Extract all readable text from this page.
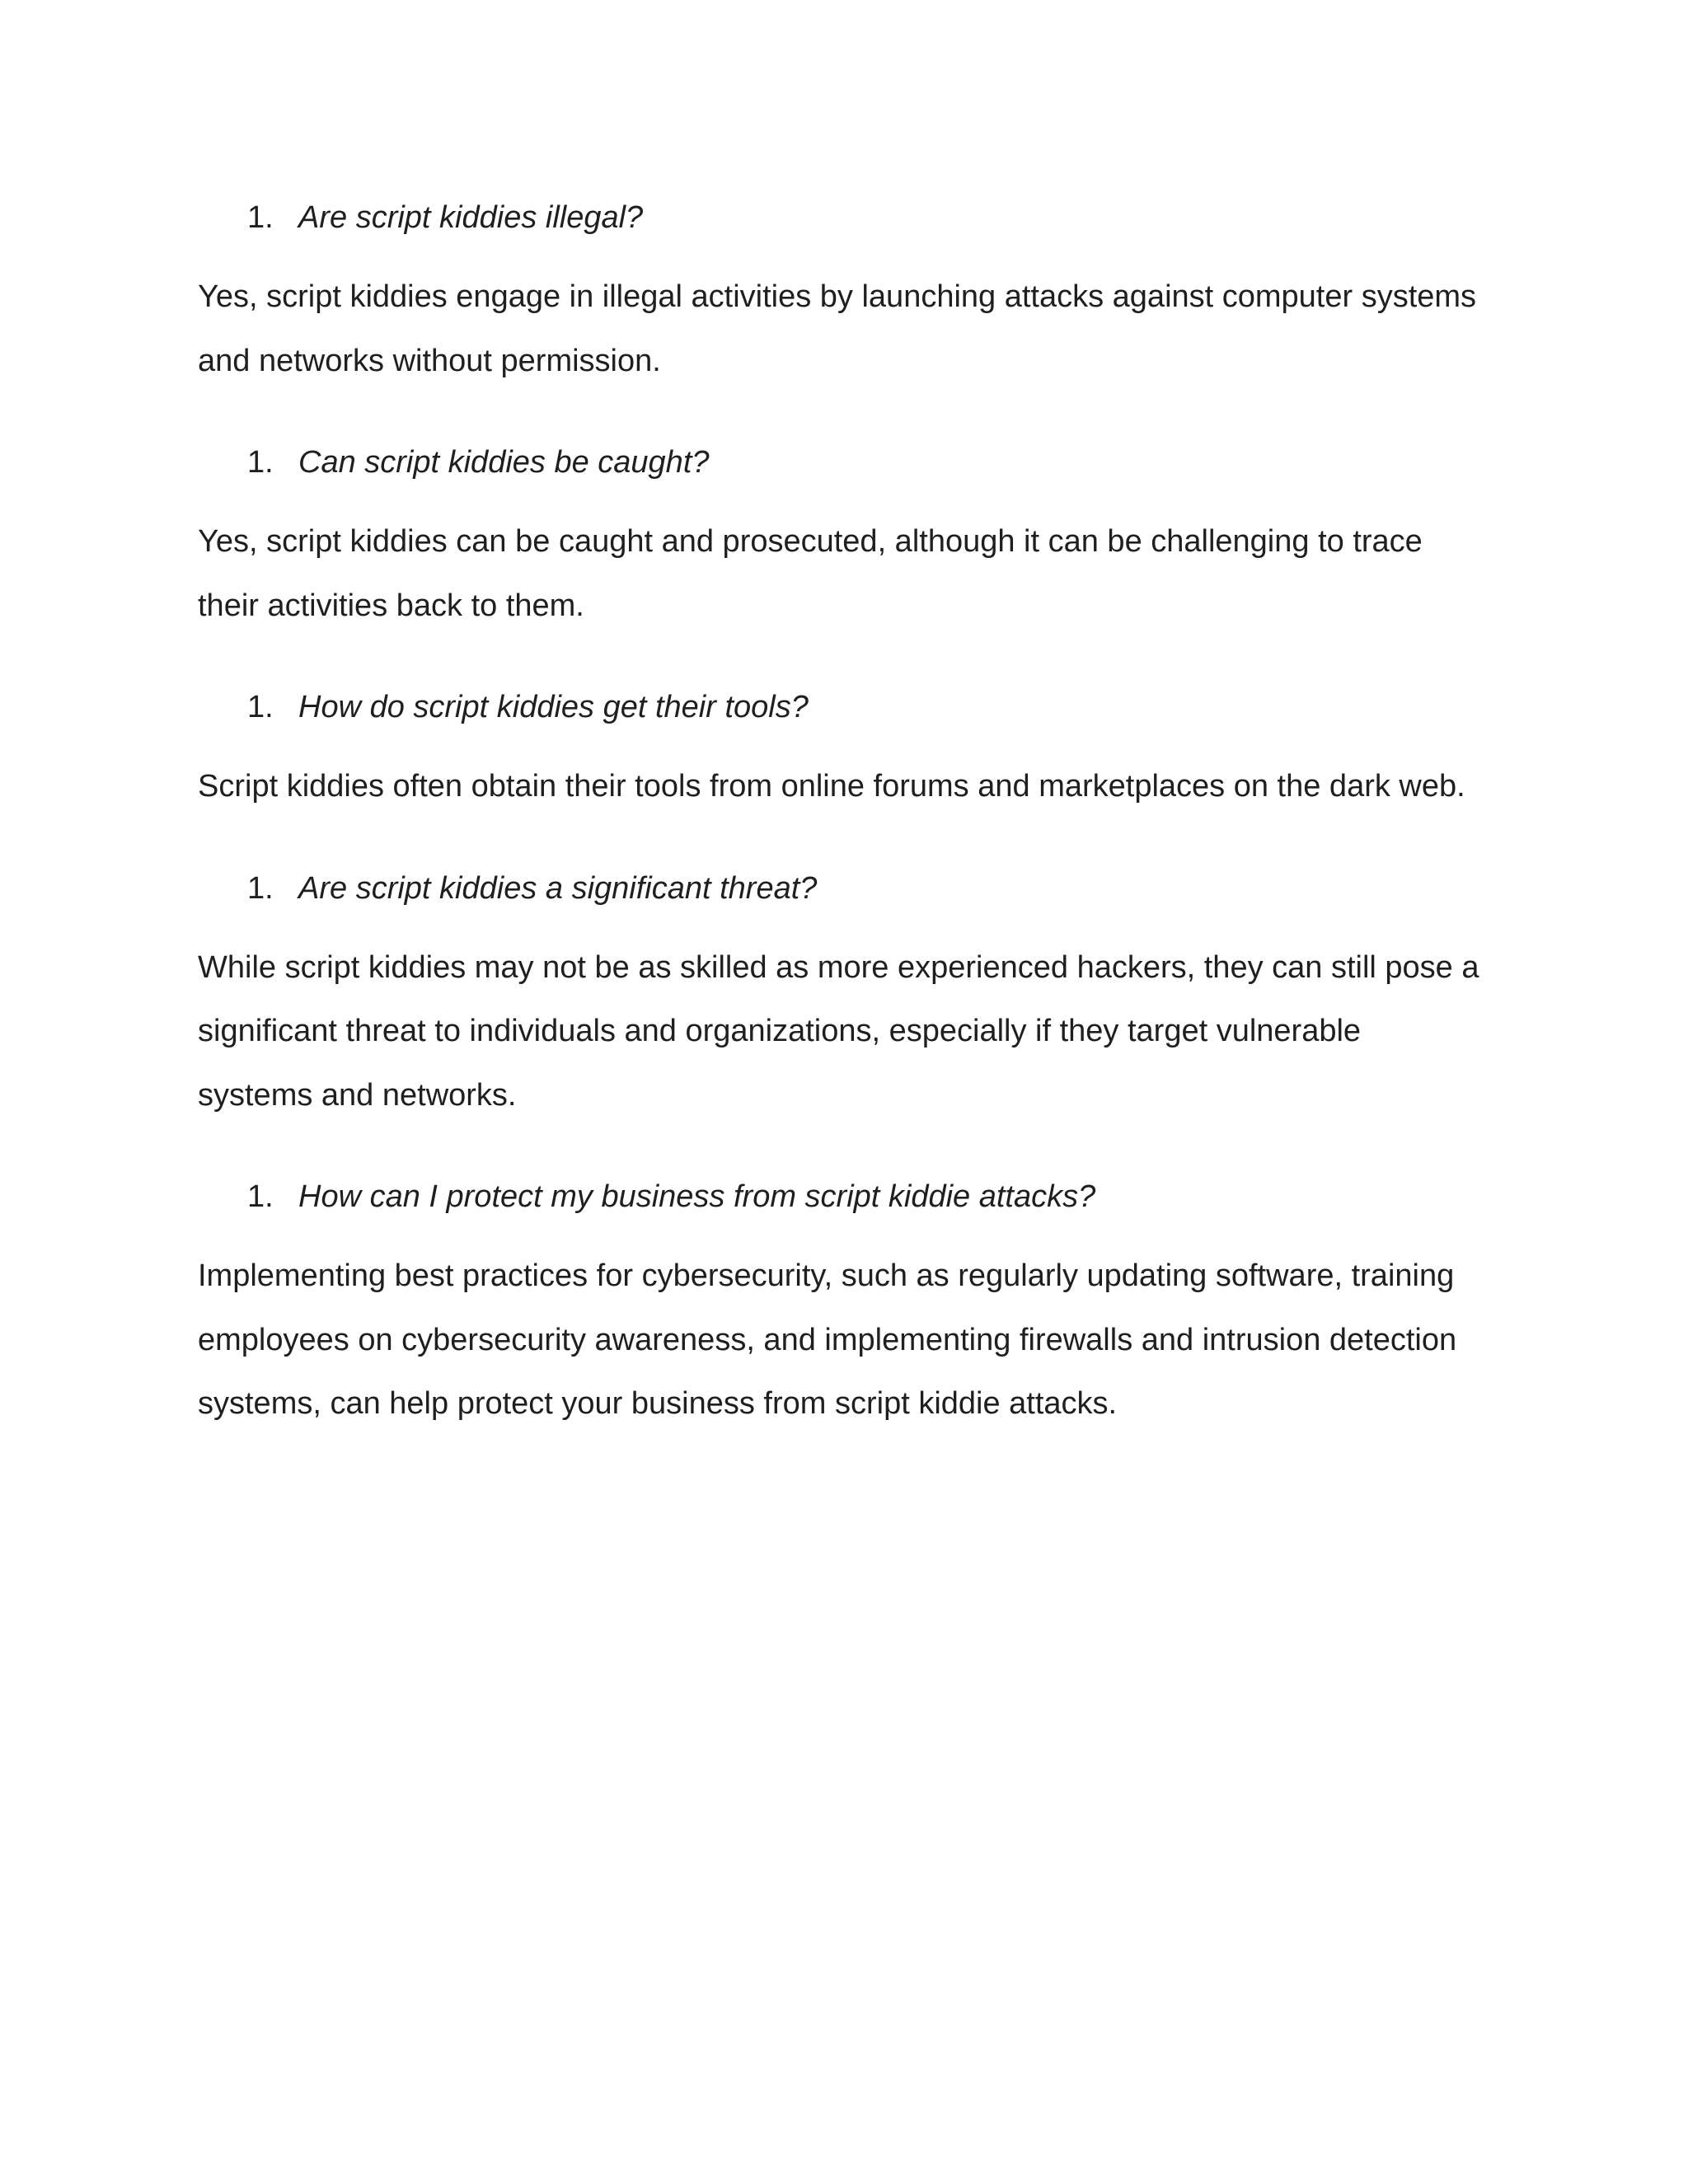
1. Are script kiddies illegal?

Yes, script kiddies engage in illegal activities by launching attacks against computer systems and networks without permission.

1. Can script kiddies be caught?

Yes, script kiddies can be caught and prosecuted, although it can be challenging to trace their activities back to them.

1. How do script kiddies get their tools?

Script kiddies often obtain their tools from online forums and marketplaces on the dark web.

1. Are script kiddies a significant threat?

While script kiddies may not be as skilled as more experienced hackers, they can still pose a significant threat to individuals and organizations, especially if they target vulnerable systems and networks.

1. How can I protect my business from script kiddie attacks?

Implementing best practices for cybersecurity, such as regularly updating software, training employees on cybersecurity awareness, and implementing firewalls and intrusion detection systems, can help protect your business from script kiddie attacks.
